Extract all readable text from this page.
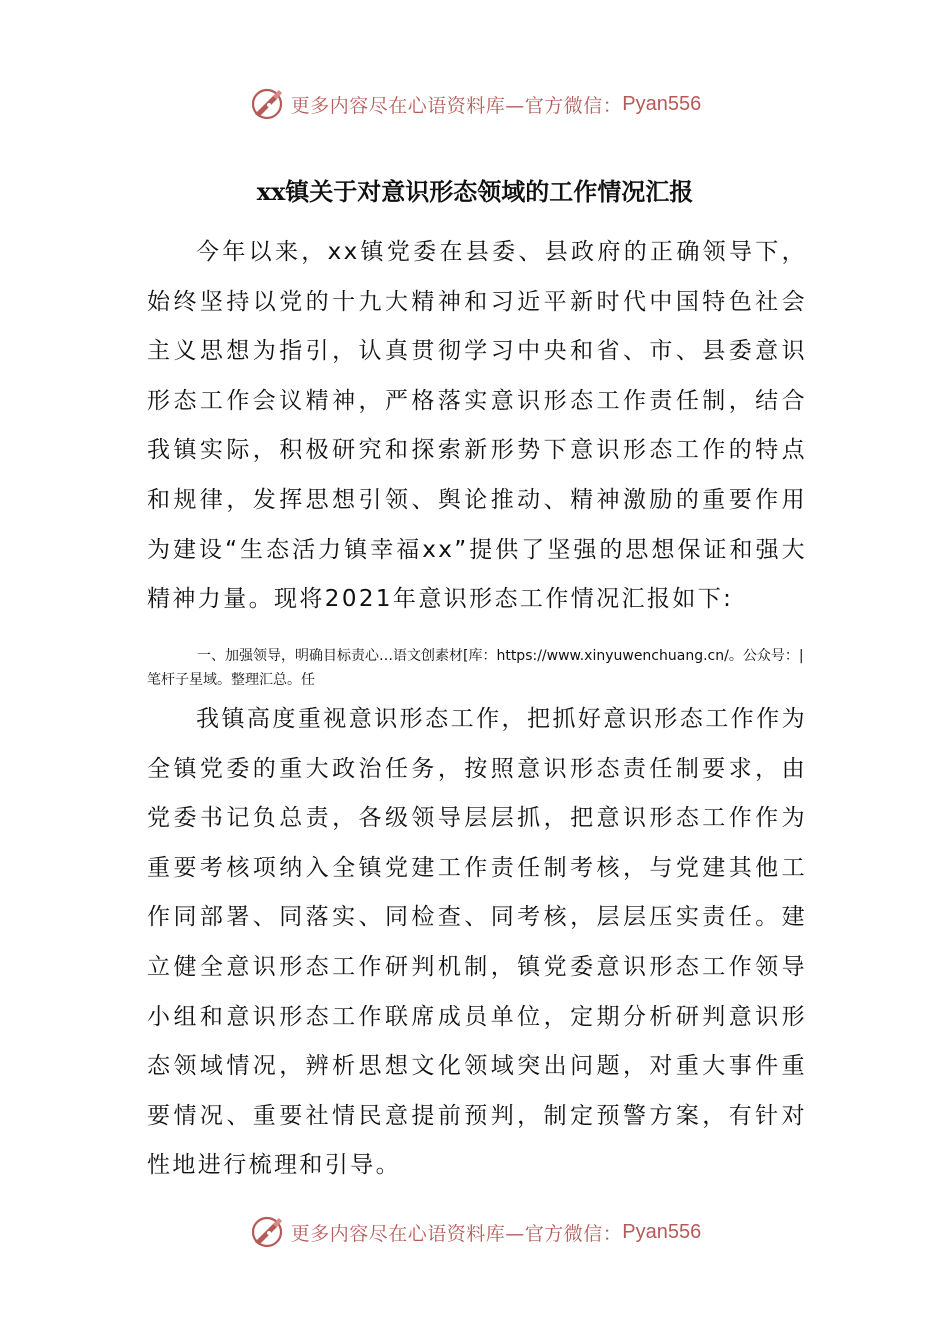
更多内容尽在心语资料库—官方微信： Pyan556
xx镇关于对意识形态领域的工作情况汇报

今年以来，xx镇党委在县委、县政府的正确领导下，始终坚持以党的十九大精神和习近平新时代中国特色社会主义思想为指引，认真贯彻学习中央和省、市、县委意识形态工作会议精神，严格落实意识形态工作责任制，结合我镇实际，积极研究和探索新形势下意识形态工作的特点和规律，发挥思想引领、舆论推动、精神激励的重要作用为建设“生态活力镇幸福xx”提供了坚强的思想保证和强大精神力量。现将2021年意识形态工作情况汇报如下:

一、加强领导，明确目标责心…语文创素材[库：https://www.xinyuwenchuang.cn/。公众号：|笔杆子星域。整理汇总。任

我镇高度重视意识形态工作，把抓好意识形态工作作为全镇党委的重大政治任务，按照意识形态责任制要求，由党委书记负总责，各级领导层层抓，把意识形态工作作为重要考核项纳入全镇党建工作责任制考核，与党建其他工作同部署、同落实、同检查、同考核，层层压实责任。建立健全意识形态工作研判机制，镇党委意识形态工作领导小组和意识形态工作联席成员单位，定期分析研判意识形态领域情况，辨析思想文化领域突出问题，对重大事件重要情况、重要社情民意提前预判，制定预警方案，有针对性地进行梳理和引导。

更多内容尽在心语资料库—官方微信： Pyan556
